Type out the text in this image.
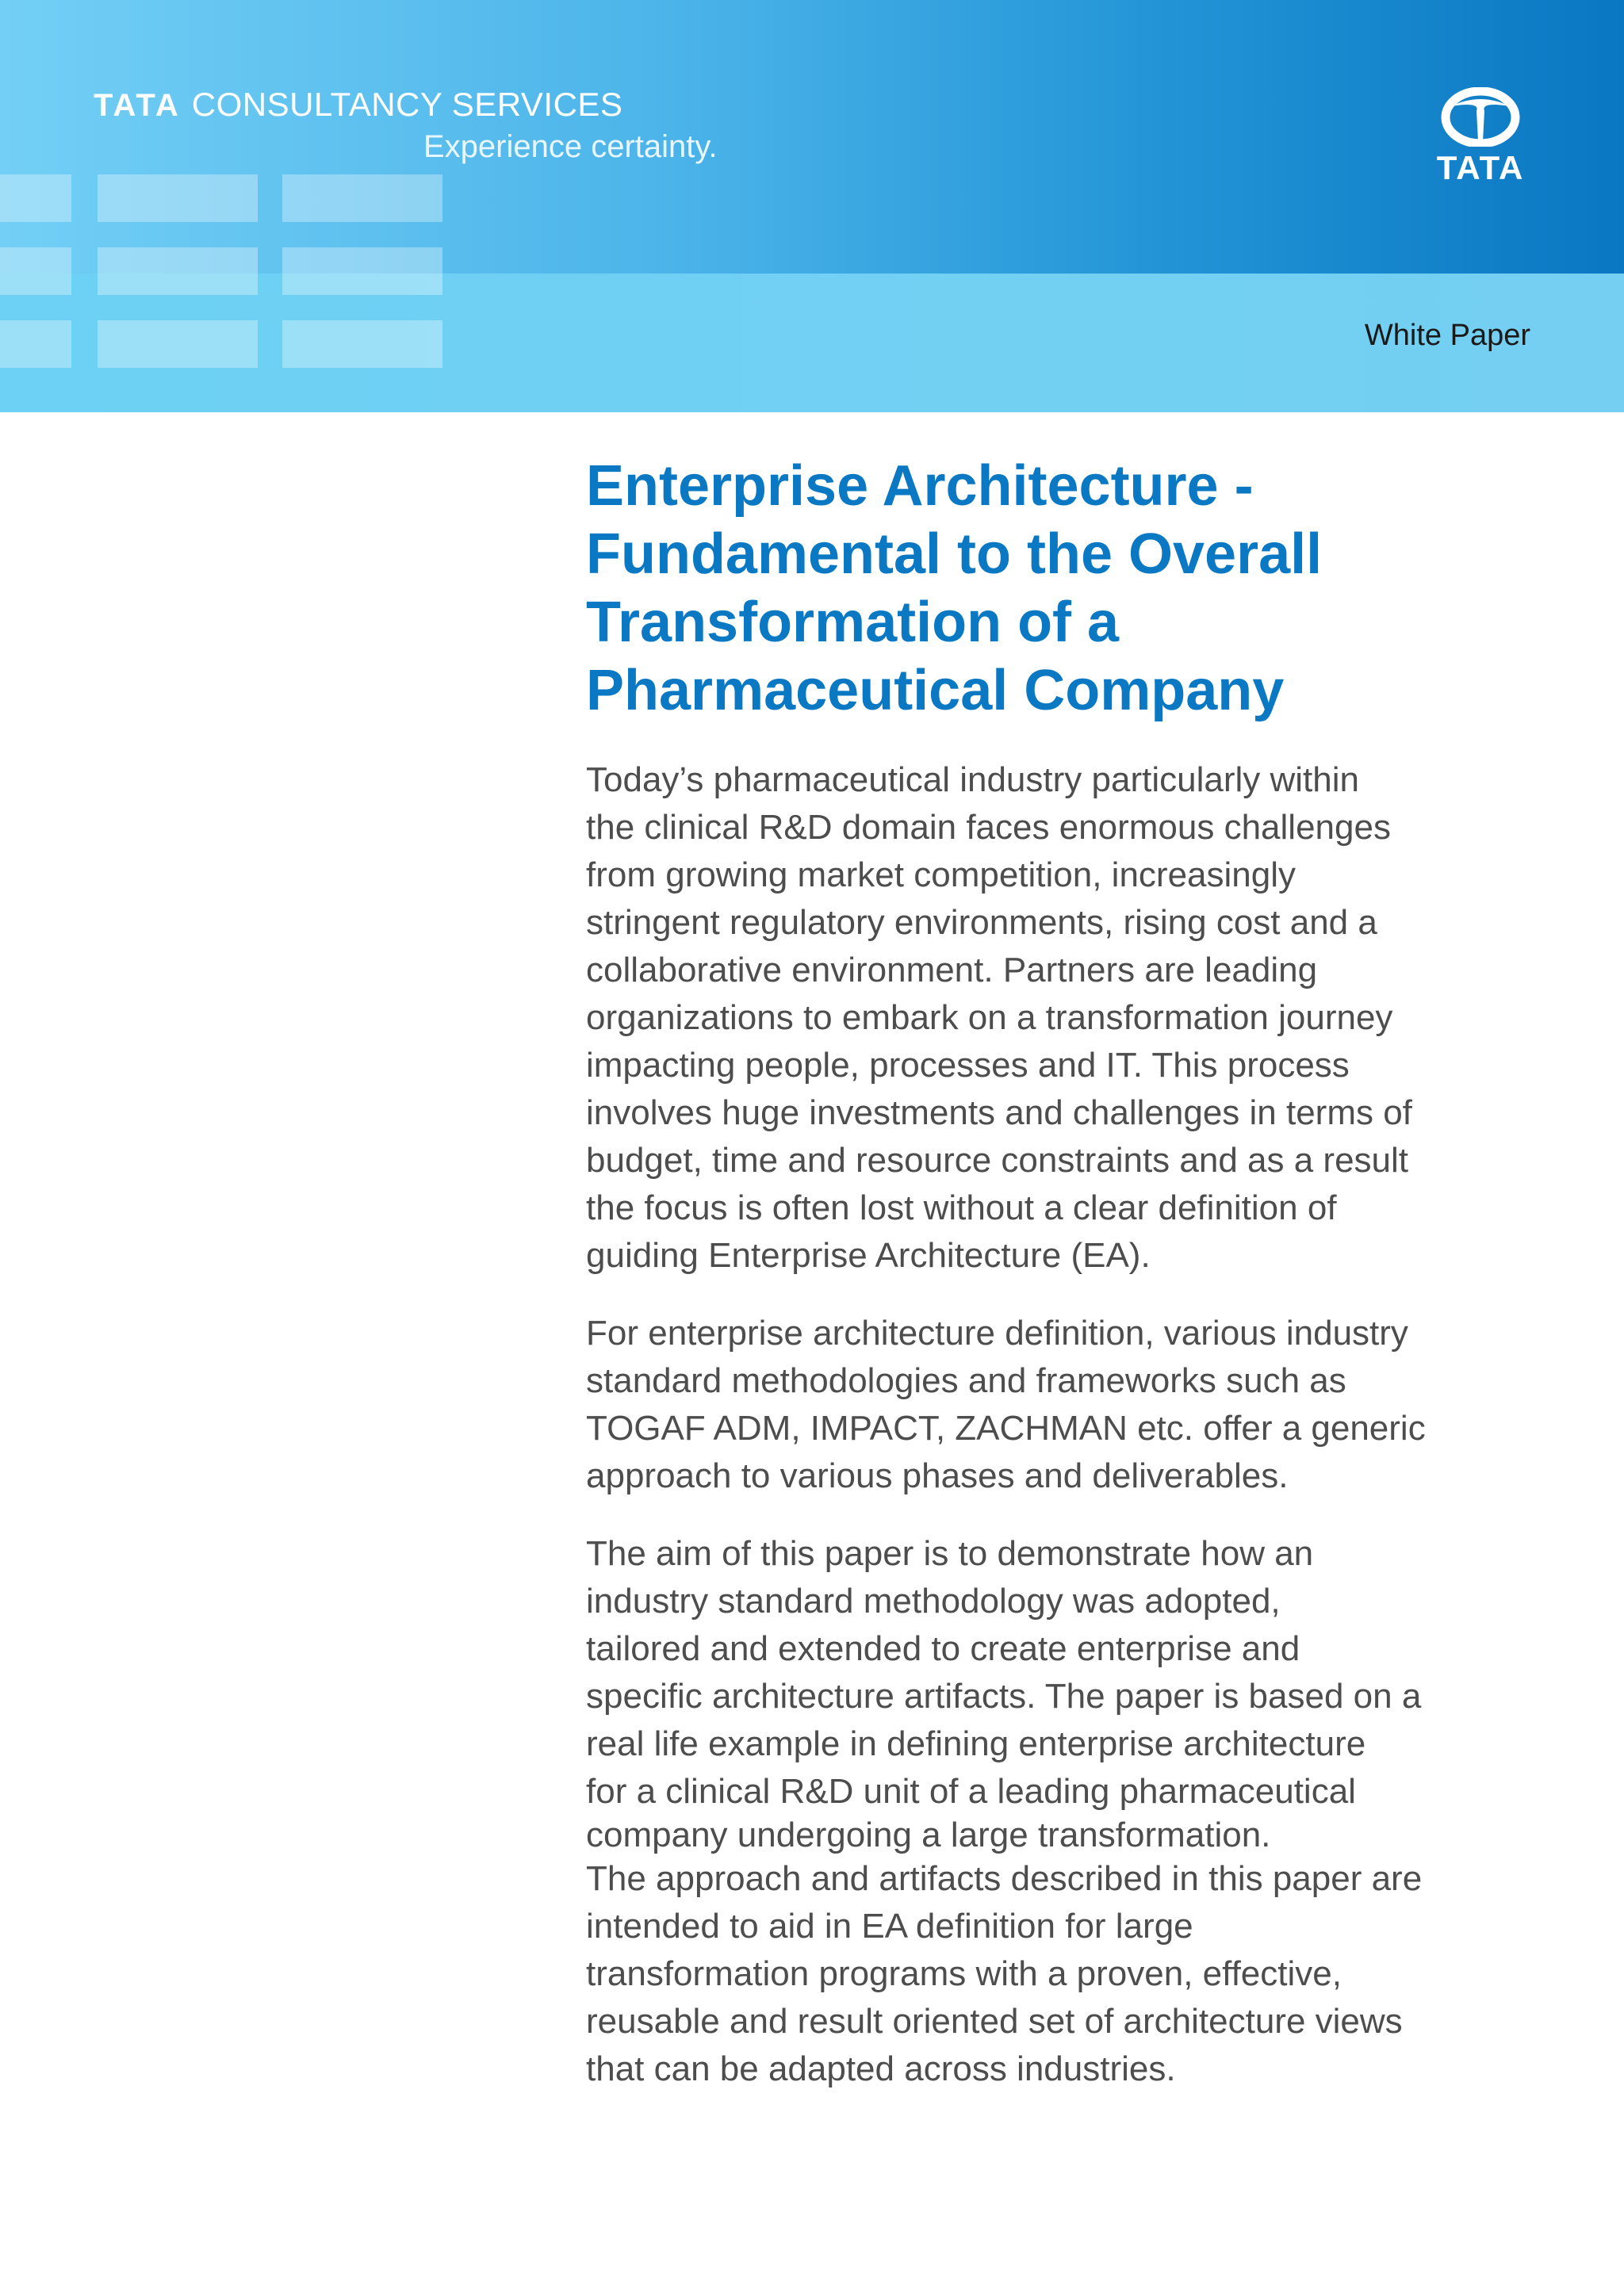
TATA CONSULTANCY SERVICES
Experience certainty.
TATA
White Paper
Enterprise Architecture -
Fundamental to the Overall
Transformation of a
Pharmaceutical Company
Today’s pharmaceutical industry particularly within
the clinical R&D domain faces enormous challenges
from growing market competition, increasingly
stringent regulatory environments, rising cost and a
collaborative environment. Partners are leading
organizations to embark on a transformation journey
impacting people, processes and IT. This process
involves huge investments and challenges in terms of
budget, time and resource constraints and as a result
the focus is often lost without a clear definition of
guiding Enterprise Architecture (EA).
For enterprise architecture definition, various industry
standard methodologies and frameworks such as
TOGAF ADM, IMPACT, ZACHMAN etc. offer a generic
approach to various phases and deliverables.
The aim of this paper is to demonstrate how an
industry standard methodology was adopted,
tailored and extended to create enterprise and
specific architecture artifacts. The paper is based on a
real life example in defining enterprise architecture
for a clinical R&D unit of a leading pharmaceutical
company undergoing a large transformation.
The approach and artifacts described in this paper are
intended to aid in EA definition for large
transformation programs with a proven, effective,
reusable and result oriented set of architecture views
that can be adapted across industries.
